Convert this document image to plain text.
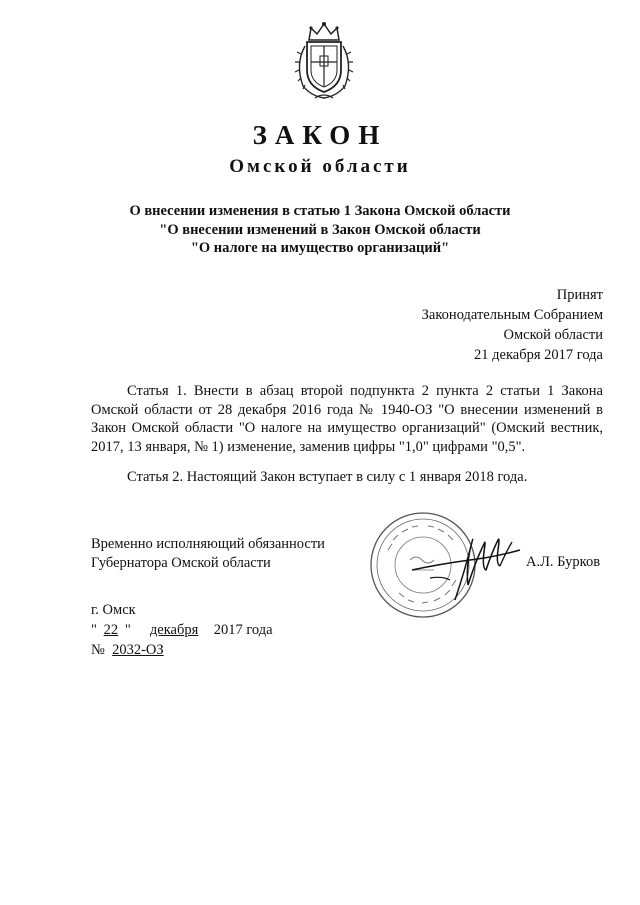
ЗАКОН
Омской области
О внесении изменения в статью 1 Закона Омской области
"О внесении изменений в Закон Омской области
"О налоге на имущество организаций"
Принят
Законодательным Собранием
Омской области
21 декабря 2017 года

Статья 1. Внести в абзац второй подпункта 2 пункта 2 статьи 1 Закона Омской области от 28 декабря 2016 года № 1940-ОЗ "О внесении изменений в Закон Омской области "О налоге на имущество организаций" (Омский вестник, 2017, 13 января, № 1) изменение, заменив цифры "1,0" цифрами "0,5".

Статья 2. Настоящий Закон вступает в силу с 1 января 2018 года.

Временно исполняющий обязанности
Губернатора Омской области	А.Л. Бурков
г. Омск
" 22 " декабря 2017 года
№ 2032-ОЗ
